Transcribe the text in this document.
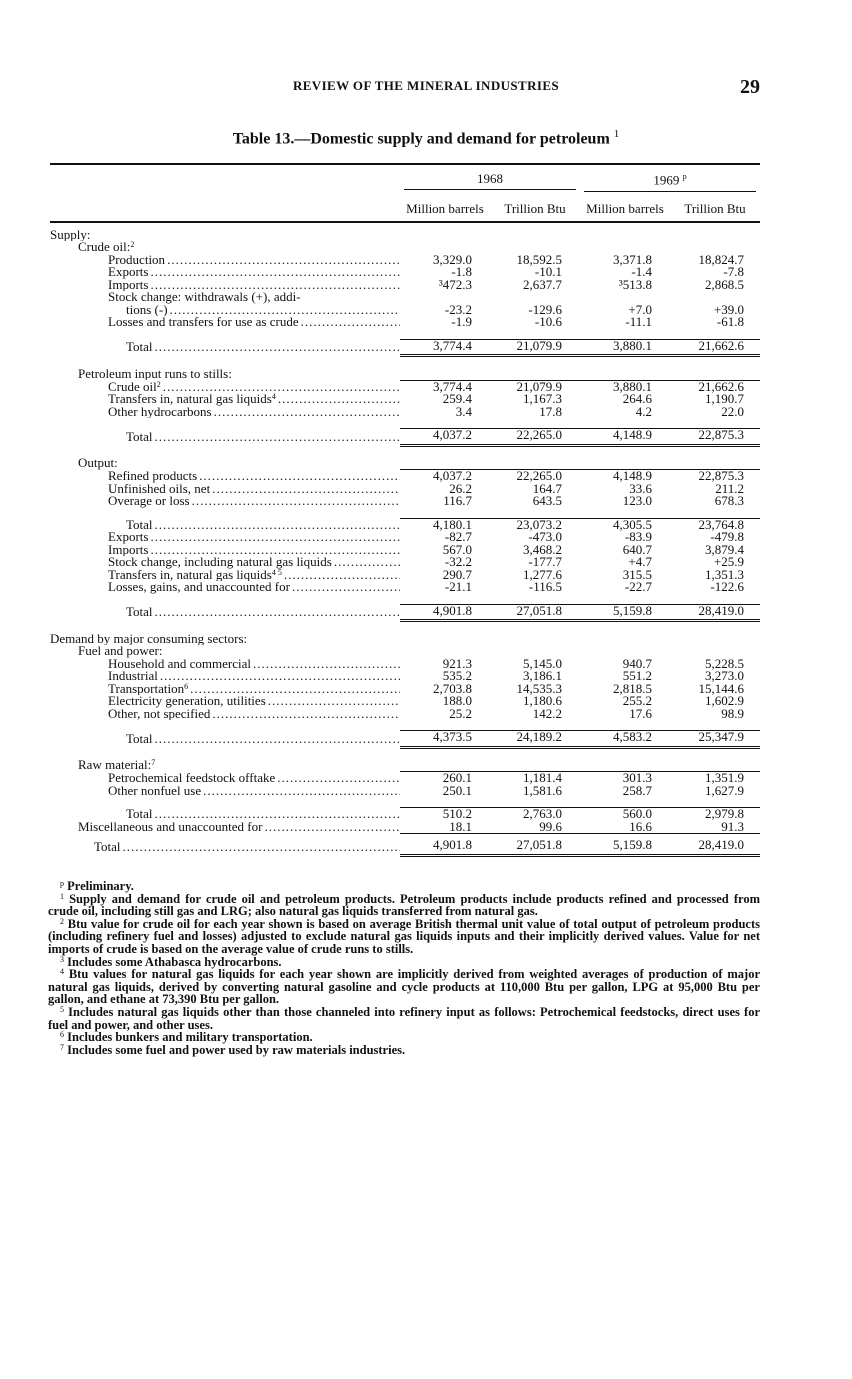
REVIEW OF THE MINERAL INDUSTRIES	29
Table 13.—Domestic supply and demand for petroleum $^1$

	1968		1969 $^p$

	Million barrels	Trillion Btu	Million barrels	Trillion Btu

Supply:				

Crude oil:$^2$

Production .....	3,329.0	18,592.5	3,371.8	18,824.7

Exports .....	-1.8	-10.1	-1.4	-7.8

Imports .....	³472.3	2,637.7	³513.8	2,868.5

Stock change: withdrawals (+), addi-				

tions (-) .....	-23.2	-129.6	+7.0	+39.0

Losses and transfers for use as crude .....	-1.9	-10.6	-11.1	-61.8

Total .....	3,774.4	21,079.9	3,880.1	21,662.6

Petroleum input runs to stills:				

Crude oil$^2$ .....	3,774.4	21,079.9	3,880.1	21,662.6

Transfers in, natural gas liquids$^4$ .....	259.4	1,167.3	264.6	1,190.7

Other hydrocarbons .....	3.4	17.8	4.2	22.0

Total .....	4,037.2	22,265.0	4,148.9	22,875.3

Output:				

Refined products .....	4,037.2	22,265.0	4,148.9	22,875.3

Unfinished oils, net .....	26.2	164.7	33.6	211.2

Overage or loss .....	116.7	643.5	123.0	678.3

Total .....	4,180.1	23,073.2	4,305.5	23,764.8

Exports .....	-82.7	-473.0	-83.9	-479.8

Imports .....	567.0	3,468.2	640.7	3,879.4

Stock change, including natural gas liquids .....	-32.2	-177.7	+4.7	+25.9

Transfers in, natural gas liquids$^{4 5}$ .....	290.7	1,277.6	315.5	1,351.3

Losses, gains, and unaccounted for .....	-21.1	-116.5	-22.7	-122.6

Total .....	4,901.8	27,051.8	5,159.8	28,419.0

Demand by major consuming sectors:				

Fuel and power:				

Household and commercial .....	921.3	5,145.0	940.7	5,228.5

Industrial .....	535.2	3,186.1	551.2	3,273.0

Transportation$^6$ .....	2,703.8	14,535.3	2,818.5	15,144.6

Electricity generation, utilities .....	188.0	1,180.6	255.2	1,602.9

Other, not specified .....	25.2	142.2	17.6	98.9

Total .....	4,373.5	24,189.2	4,583.2	25,347.9

Raw material:$^7$

Petrochemical feedstock offtake .....	260.1	1,181.4	301.3	1,351.9

Other nonfuel use .....	250.1	1,581.6	258.7	1,627.9

Total .....	510.2	2,763.0	560.0	2,979.8

Miscellaneous and unaccounted for .....	18.1	99.6	16.6	91.3

Total .....	4,901.8	27,051.8	5,159.8	28,419.0

$^p$ Preliminary.

$^1$ Supply and demand for crude oil and petroleum products. Petroleum products include products refined and processed from crude oil, including still gas and LRG; also natural gas liquids transferred from natural gas.

$^2$ Btu value for crude oil for each year shown is based on average British thermal unit value of total output of petroleum products (including refinery fuel and losses) adjusted to exclude natural gas liquids inputs and their implicitly derived values. Value for net imports of crude is based on the average value of crude runs to stills.

$^3$ Includes some Athabasca hydrocarbons.

$^4$ Btu values for natural gas liquids for each year shown are implicitly derived from weighted averages of production of major natural gas liquids, derived by converting natural gasoline and cycle products at 110,000 Btu per gallon, LPG at 95,000 Btu per gallon, and ethane at 73,390 Btu per gallon.

$^5$ Includes natural gas liquids other than those channeled into refinery input as follows: Petrochemical feedstocks, direct uses for fuel and power, and other uses.

$^6$ Includes bunkers and military transportation.

$^7$ Includes some fuel and power used by raw materials industries.
